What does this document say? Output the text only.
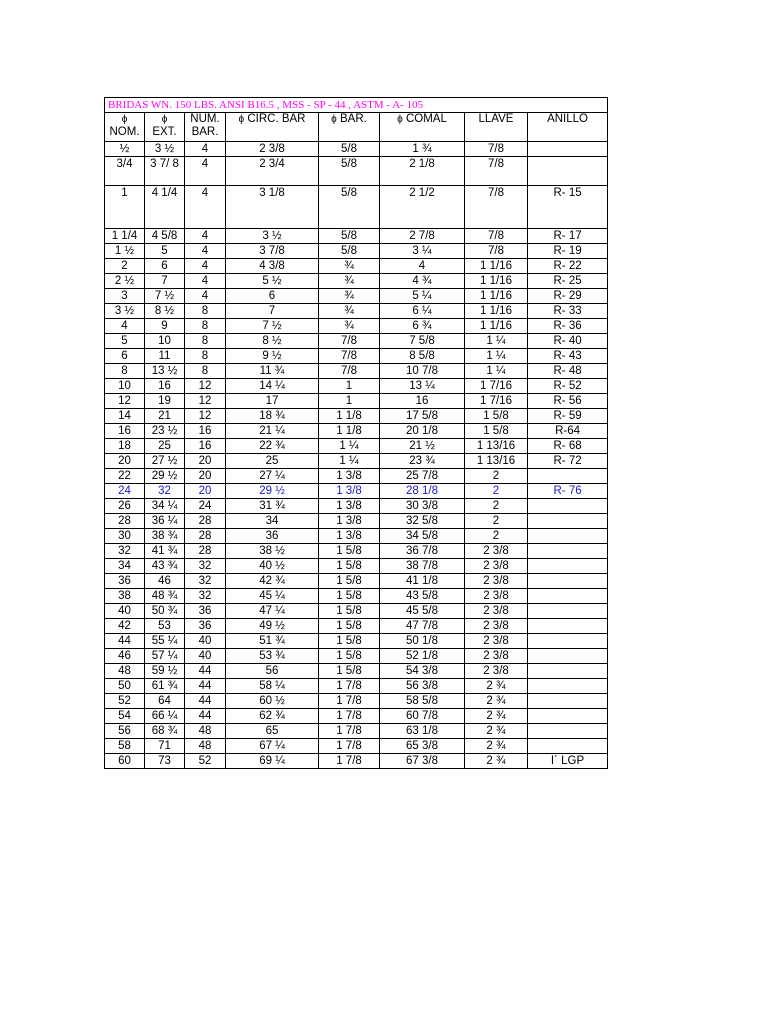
BRIDAS WN. 150 LBS. ANSI B16.5 , MSS - SP - 44 , ASTM - A- 105							
ϕ
NOM.	ϕ
EXT.	NUM. BAR.	ϕ CIRC. BAR	ϕ BAR.	ϕ COMAL	LLAVE	ANILLO
½	3 ½	4	2 3/8	5/8	1 ¾	7/8	
3/4	3 7/ 8	4	2 3/4	5/8	2 1/8	7/8	
1	4 1/4	4	3 1/8	5/8	2 1/2	7/8	R- 15
1 1/4	4 5/8	4	3 ½	5/8	2 7/8	7/8	R- 17
1 ½	5	4	3 7/8	5/8	3 ¼	7/8	R- 19
2	6	4	4 3/8	¾	4	1 1/16	R- 22
2 ½	7	4	5 ½	¾	4 ¾	1 1/16	R- 25
3	7 ½	4	6	¾	5 ¼	1 1/16	R- 29
3 ½	8 ½	8	7	¾	6 ¼	1 1/16	R- 33
4	9	8	7 ½	¾	6 ¾	1 1/16	R- 36
5	10	8	8 ½	7/8	7 5/8	1 ¼	R- 40
6	11	8	9 ½	7/8	8 5/8	1 ¼	R- 43
8	13 ½	8	11 ¾	7/8	10 7/8	1 ¼	R- 48
10	16	12	14 ¼	1	13 ¼	1 7/16	R- 52
12	19	12	17	1	16	1 7/16	R- 56
14	21	12	18 ¾	1 1/8	17 5/8	1 5/8	R- 59
16	23 ½	16	21 ¼	1 1/8	20 1/8	1 5/8	R-64
18	25	16	22 ¾	1 ¼	21 ½	1 13/16	R- 68
20	27 ½	20	25	1 ¼	23 ¾	1 13/16	R- 72
22	29 ½	20	27 ¼	1 3/8	25 7/8	2	
24	32	20	29 ½	1 3/8	28 1/8	2	R- 76
26	34 ¼	24	31 ¾	1 3/8	30 3/8	2	
28	36 ¼	28	34	1 3/8	32 5/8	2	
30	38 ¾	28	36	1 3/8	34 5/8	2	
32	41 ¾	28	38 ½	1 5/8	36 7/8	2 3/8	
34	43 ¾	32	40 ½	1 5/8	38 7/8	2 3/8	
36	46	32	42 ¾	1 5/8	41 1/8	2 3/8	
38	48 ¾	32	45 ¼	1 5/8	43 5/8	2 3/8	
40	50 ¾	36	47 ¼	1 5/8	45 5/8	2 3/8	
42	53	36	49 ½	1 5/8	47 7/8	2 3/8	
44	55 ¼	40	51 ¾	1 5/8	50 1/8	2 3/8	
46	57 ¼	40	53 ¾	1 5/8	52 1/8	2 3/8	
48	59 ½	44	56	1 5/8	54 3/8	2 3/8	
50	61 ¾	44	58 ¼	1 7/8	56 3/8	2 ¾	
52	64	44	60 ½	1 7/8	58 5/8	2 ¾	
54	66 ¼	44	62 ¾	1 7/8	60 7/8	2 ¾	
56	68 ¾	48	65	1 7/8	63 1/8	2 ¾	
58	71	48	67 ¼	1 7/8	65 3/8	2 ¾	
60	73	52	69 ¼	1 7/8	67 3/8	2 ¾	I´ LGP
